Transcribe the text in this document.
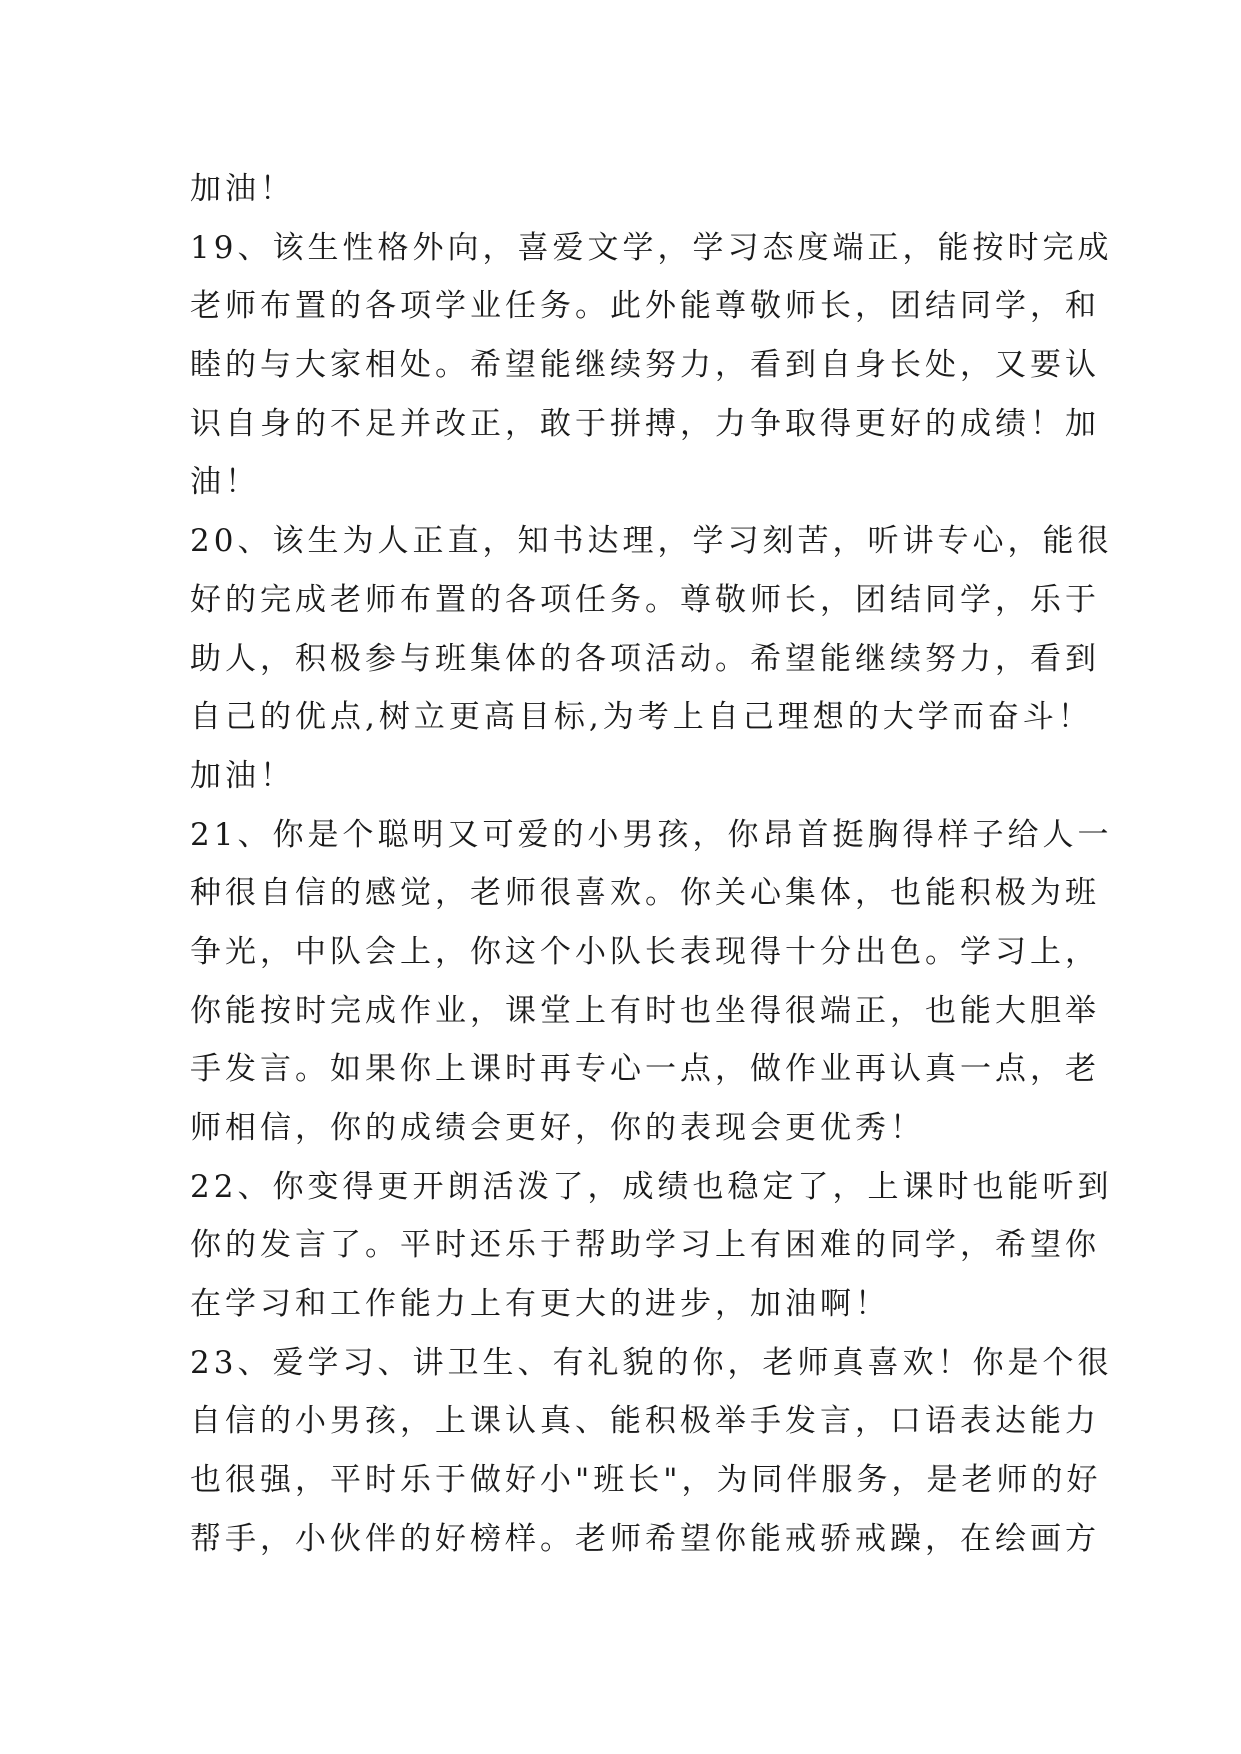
加油！
19、该生性格外向，喜爱文学，学习态度端正，能按时完成
老师布置的各项学业任务。此外能尊敬师长，团结同学，和
睦的与大家相处。希望能继续努力，看到自身长处，又要认
识自身的不足并改正，敢于拼搏，力争取得更好的成绩！加
油！
20、该生为人正直，知书达理，学习刻苦，听讲专心，能很
好的完成老师布置的各项任务。尊敬师长，团结同学，乐于
助人，积极参与班集体的各项活动。希望能继续努力，看到
自己的优点,树立更高目标,为考上自己理想的大学而奋斗！
加油！
21、你是个聪明又可爱的小男孩，你昂首挺胸得样子给人一
种很自信的感觉，老师很喜欢。你关心集体，也能积极为班
争光，中队会上，你这个小队长表现得十分出色。学习上，
你能按时完成作业，课堂上有时也坐得很端正，也能大胆举
手发言。如果你上课时再专心一点，做作业再认真一点，老
师相信，你的成绩会更好，你的表现会更优秀！
22、你变得更开朗活泼了，成绩也稳定了，上课时也能听到
你的发言了。平时还乐于帮助学习上有困难的同学，希望你
在学习和工作能力上有更大的进步，加油啊！
23、爱学习、讲卫生、有礼貌的你，老师真喜欢！你是个很
自信的小男孩，上课认真、能积极举手发言，口语表达能力
也很强，平时乐于做好小"班长"，为同伴服务，是老师的好
帮手，小伙伴的好榜样。老师希望你能戒骄戒躁，在绘画方
